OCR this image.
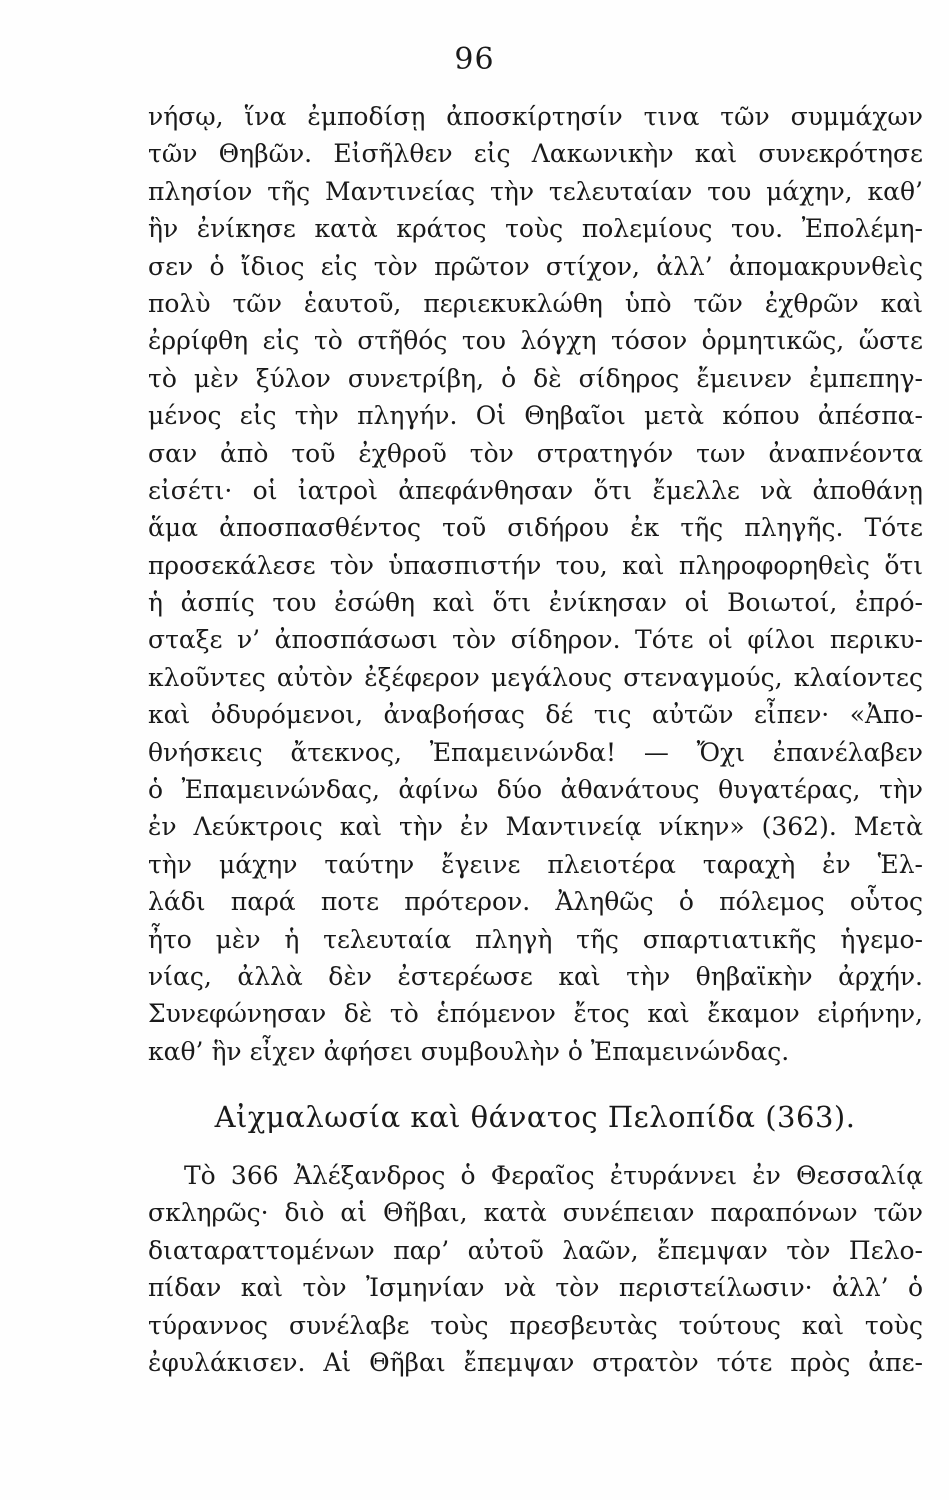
96
νήσῳ, ἵνα ἐμποδίσῃ ἀποσκίρτησίν τινα τῶν συμμάχων
τῶν Θηβῶν. Εἰσῆλθεν εἰς Λακωνικὴν καὶ συνεκρότησε
πλησίον τῆς Μαντινείας τὴν τελευταίαν του μάχην, καθ’
ἣν ἐνίκησε κατὰ κράτος τοὺς πολεμίους του. Ἐπολέμη-
σεν ὁ ἴδιος εἰς τὸν πρῶτον στίχον, ἀλλ’ ἀπομακρυνθεὶς
πολὺ τῶν ἑαυτοῦ, περιεκυκλώθη ὑπὸ τῶν ἐχθρῶν καὶ
ἐρρίφθη εἰς τὸ στῆθός του λόγχη τόσον ὁρμητικῶς, ὥστε
τὸ μὲν ξύλον συνετρίβη, ὁ δὲ σίδηρος ἔμεινεν ἐμπεπηγ-
μένος εἰς τὴν πληγήν. Οἱ Θηβαῖοι μετὰ κόπου ἀπέσπα-
σαν ἀπὸ τοῦ ἐχθροῦ τὸν στρατηγόν των ἀναπνέοντα
εἰσέτι· οἱ ἰατροὶ ἀπεφάνθησαν ὅτι ἔμελλε νὰ ἀποθάνῃ
ἅμα ἀποσπασθέντος τοῦ σιδήρου ἐκ τῆς πληγῆς. Τότε
προσεκάλεσε τὸν ὑπασπιστήν του, καὶ πληροφορηθεὶς ὅτι
ἡ ἀσπίς του ἐσώθη καὶ ὅτι ἐνίκησαν οἱ Βοιωτοί, ἐπρό-
σταξε ν’ ἀποσπάσωσι τὸν σίδηρον. Τότε οἱ φίλοι περικυ-
κλοῦντες αὐτὸν ἐξέφερον μεγάλους στεναγμούς, κλαίοντες
καὶ ὀδυρόμενοι, ἀναβοήσας δέ τις αὐτῶν εἶπεν· «Ἀπο-
θνήσκεις ἄτεκνος, Ἐπαμεινώνδα! — Ὄχι ἐπανέλαβεν
ὁ Ἐπαμεινώνδας, ἀφίνω δύο ἀθανάτους θυγατέρας, τὴν
ἐν Λεύκτροις καὶ τὴν ἐν Μαντινείᾳ νίκην» (362). Μετὰ
τὴν μάχην ταύτην ἔγεινε πλειοτέρα ταραχὴ ἐν Ἑλ-
λάδι παρά ποτε πρότερον. Ἀληθῶς ὁ πόλεμος οὗτος
ἦτο μὲν ἡ τελευταία πληγὴ τῆς σπαρτιατικῆς ἡγεμο-
νίας, ἀλλὰ δὲν ἐστερέωσε καὶ τὴν θηβαϊκὴν ἀρχήν.
Συνεφώνησαν δὲ τὸ ἑπόμενον ἔτος καὶ ἔκαμον εἰρήνην,
καθ’ ἣν εἶχεν ἀφήσει συμβουλὴν ὁ Ἐπαμεινώνδας.
Αἰχμαλωσία καὶ θάνατος Πελοπίδα (363).
Τὸ 366 Ἀλέξανδρος ὁ Φεραῖος ἐτυράννει ἐν Θεσσαλίᾳ
σκληρῶς· διὸ αἱ Θῆβαι, κατὰ συνέπειαν παραπόνων τῶν
διαταραττομένων παρ’ αὐτοῦ λαῶν, ἔπεμψαν τὸν Πελο-
πίδαν καὶ τὸν Ἰσμηνίαν νὰ τὸν περιστείλωσιν· ἀλλ’ ὁ
τύραννος συνέλαβε τοὺς πρεσβευτὰς τούτους καὶ τοὺς
ἐφυλάκισεν. Αἱ Θῆβαι ἔπεμψαν στρατὸν τότε πρὸς ἀπε-
